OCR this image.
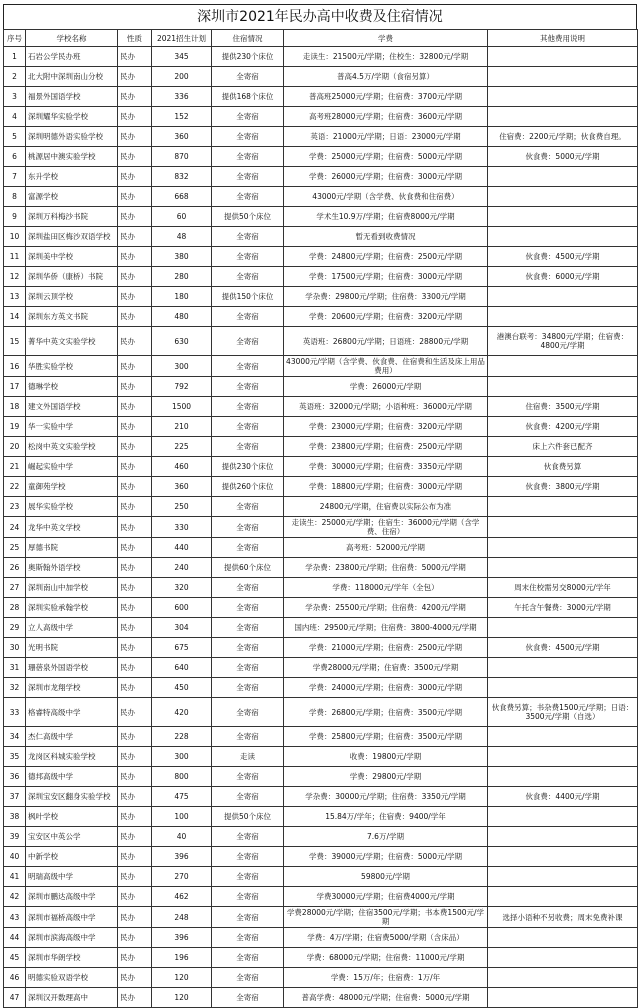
深圳市2021年民办高中收费及住宿情况
序号	学校名称	性质	2021招生计划	住宿情况	学费	其他费用说明
1	石岩公学民办班	民办	345	提供230个床位	走读生：21500元/学期；住校生：32800元/学期	
2	北大附中深圳南山分校	民办	200	全寄宿	普高4.5万/学期（食宿另算）	
3	福景外国语学校	民办	336	提供168个床位	普高班25000元/学期；住宿费：3700元/学期	
4	深圳耀华实验学校	民办	152	全寄宿	高考班28000元/学期；住宿费：3600元/学期	
5	深圳明德外语实验学校	民办	360	全寄宿	英语：21000元/学期；日语：23000元/学期	住宿费：2200元/学期；伙食费自理。
6	桃源居中澳实验学校	民办	870	全寄宿	学费：25000元/学期；住宿费：5000元/学期	伙食费：5000元/学期
7	东升学校	民办	832	全寄宿	学费：26000元/学期；住宿费：3000元/学期	
8	富源学校	民办	668	全寄宿	43000元/学期（含学费、伙食费和住宿费）	
9	深圳万科梅沙书院	民办	60	提供50个床位	学术生10.9万/学期；住宿费8000元/学期	
10	深圳盐田区梅沙双语学校	民办	48	全寄宿	暂无看到收费情况	
11	深圳美中学校	民办	380	全寄宿	学费：24800元/学期；住宿费：2500元/学期	伙食费：4500元/学期
12	深圳华侨（康桥）书院	民办	280	全寄宿	学费：17500元/学期；住宿费：3000元/学期	伙食费：6000元/学期
13	深圳云顶学校	民办	180	提供150个床位	学杂费：29800元/学期；住宿费：3300元/学期	
14	深圳东方英文书院	民办	480	全寄宿	学费：20600元/学期；住宿费：3200元/学期	
15	菁华中英文实验学校	民办	630	全寄宿	英语班：26800元/学期；日语班：28800元/学期	港澳台联考：34800元/学期；住宿费：4800元/学期
16	华胜实验学校	民办	300	全寄宿	43000元/学期（含学费、伙食费、住宿费和生活及床上用品费用）	
17	德琳学校	民办	792	全寄宿	学费：26000元/学期	
18	建文外国语学校	民办	1500	全寄宿	英语班：32000元/学期；小语种班：36000元/学期	住宿费：3500元/学期
19	华一实验中学	民办	210	全寄宿	学费：23000元/学期；住宿费：3200元/学期	伙食费：4200元/学期
20	松岗中英文实验学校	民办	225	全寄宿	学费：23800元/学期；住宿费：2500元/学期	床上六件套已配齐
21	崛起实验中学	民办	460	提供230个床位	学费：30000元/学期；住宿费：3350元/学期	伙食费另算
22	童御苑学校	民办	360	提供260个床位	学费：18800元/学期；住宿费：3000元/学期	伙食费：3800元/学期
23	展华实验学校	民办	250	全寄宿	24800元/学期，住宿费以实际公布为准	
24	龙华中英文学校	民办	330	全寄宿	走读生：25000元/学期；住宿生：36000元/学期（含学费、住宿）	
25	厚德书院	民办	440	全寄宿	高考班：52000元/学期	
26	奥斯翰外语学校	民办	240	提供60个床位	学杂费：23800元/学期；住宿费：5000元/学期	
27	深圳南山中加学校	民办	320	全寄宿	学费：118000元/学年（全包）	周末住校需另交8000元/学年
28	深圳实验承翰学校	民办	600	全寄宿	学杂费：25500元/学期；住宿费：4200元/学期	午托含午餐费：3000元/学期
29	立人高级中学	民办	304	全寄宿	国内班：29500元/学期；住宿费：3800-4000元/学期	
30	光明书院	民办	675	全寄宿	学费：21000元/学期；住宿费：2500元/学期	伙食费：4500元/学期
31	珊蓓泉外国语学校	民办	640	全寄宿	学费28000元/学期；住宿费：3500元/学期	
32	深圳市龙翔学校	民办	450	全寄宿	学费：24000元/学期；住宿费：3000元/学期	
33	格睿特高级中学	民办	420	全寄宿	学费：26800元/学期；住宿费：3500元/学期	伙食费另算；书杂费1500元/学期；日语：3500元/学期（自选）
34	杰仁高级中学	民办	228	全寄宿	学费：25800元/学期；住宿费：3500元/学期	
35	龙岗区科城实验学校	民办	300	走读	收费：19800元/学期	
36	德邦高级中学	民办	800	全寄宿	学费：29800元/学期	
37	深圳宝安区翻身实验学校	民办	475	全寄宿	学杂费：30000元/学期；住宿费：3350元/学期	伙食费：4400元/学期
38	枫叶学校	民办	100	提供50个床位	15.84万/学年；住宿费：9400/学年	
39	宝安区中英公学	民办	40	全寄宿	7.6万/学期	
40	中新学校	民办	396	全寄宿	学费：39000元/学期；住宿费：5000元/学期	
41	明瑞高级中学	民办	270	全寄宿	59800元/学期	
42	深圳市鹏达高级中学	民办	462	全寄宿	学费30000元/学期；住宿费4000元/学期	
43	深圳市福桥高级中学	民办	248	全寄宿	学费28000元/学期；住宿3500元/学期；书本费1500元/学期	选择小语种不另收费；周末免费补课
44	深圳市滨海高级中学	民办	396	全寄宿	学费：4万/学期；住宿费5000/学期（含床品）	
45	深圳市华朗学校	民办	196	全寄宿	学费：68000元/学期；住宿费：11000元/学期	
46	明德实验双语学校	民办	120	全寄宿	学费：15万/年；住宿费：1万/年	
47	深圳汉开数理高中	民办	120	全寄宿	普高学费：48000元/学期；住宿费：5000元/学期	
